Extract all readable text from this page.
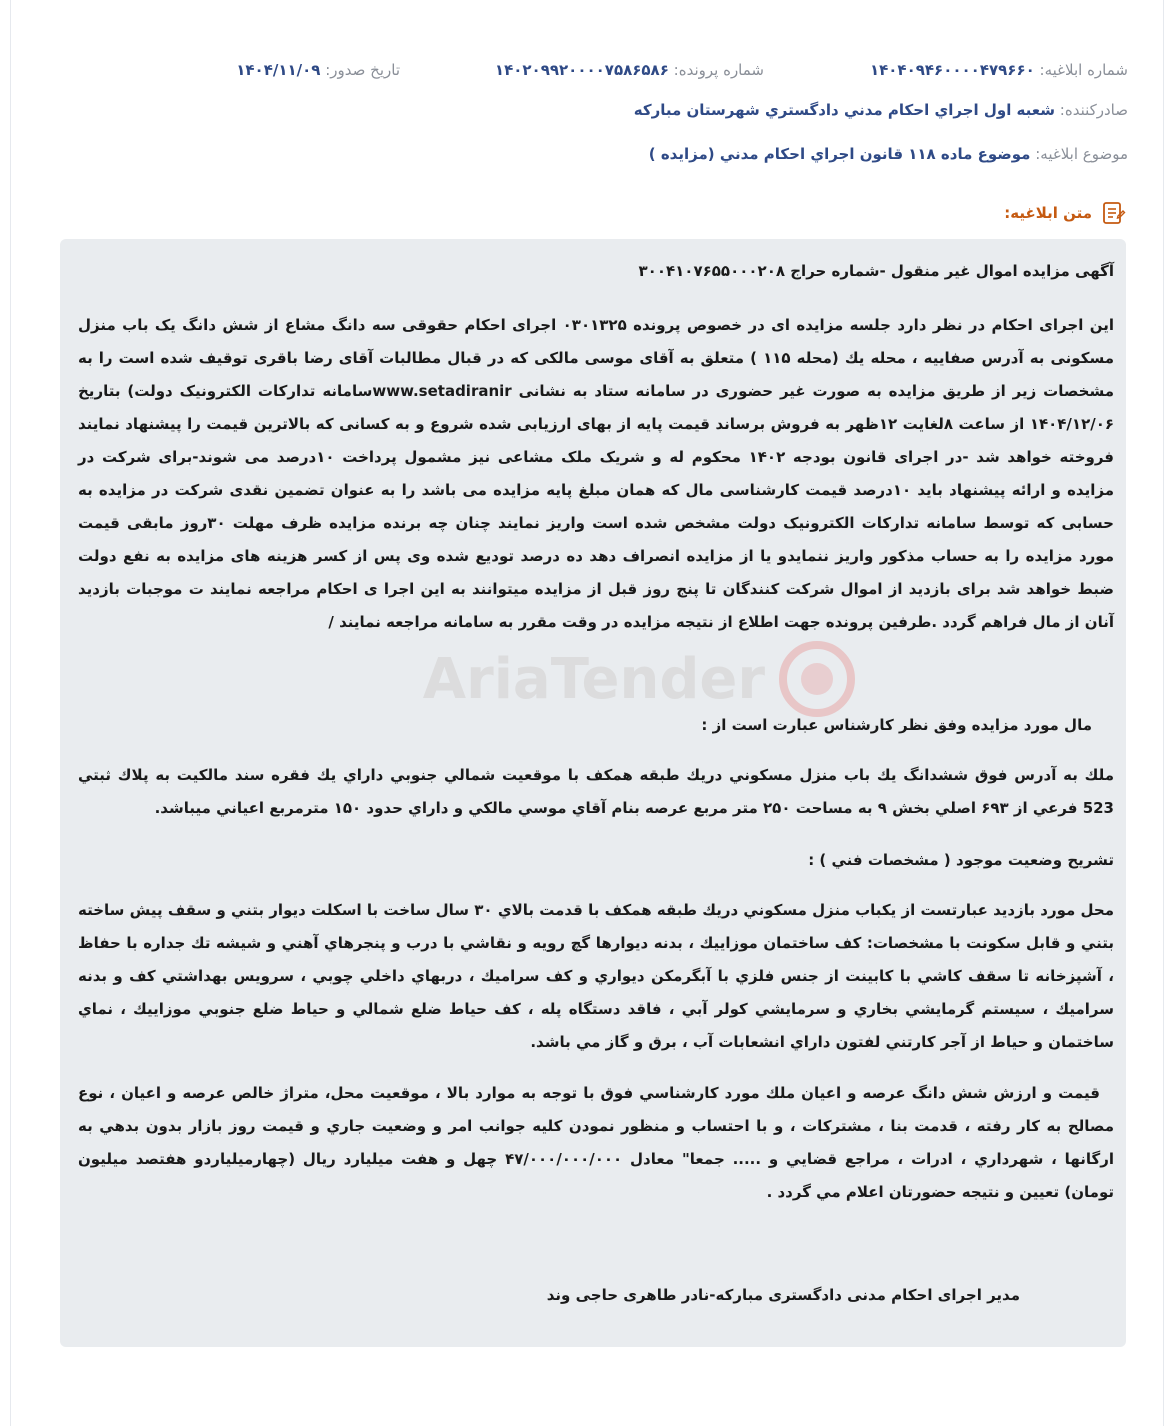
شماره ابلاغیه: ۱۴۰۴۰۹۴۶۰۰۰۰۴۷۹۶۶۰
شماره پرونده: ۱۴۰۲۰۹۹۲۰۰۰۰۷۵۸۶۵۸۶
تاریخ صدور: ۱۴۰۴/۱۱/۰۹
صادرکننده: شعبه اول اجراي احكام مدني دادگستري شهرستان مباركه
موضوع ابلاغیه: موضوع ماده ۱۱۸ قانون اجراي احكام مدني (مزايده )
متن ابلاغیه:
AriaTender

آگهی مزایده اموال غیر منقول -شماره حراج ۳۰۰۴۱۰۷۶۵۵۰۰۰۲۰۸

این اجرای احکام در نظر دارد جلسه مزایده ای در خصوص پرونده ۰۳۰۱۳۲۵ اجرای احکام حقوقی سه دانگ مشاع از شش دانگ یک باب منزل مسکونی به آدرس صفاییه ، محله یك (محله ۱۱۵ ) متعلق به آقای موسی مالکی که در قبال مطالبات آقای رضا باقری توقیف شده است را به مشخصات زیر از طریق مزایده به صورت غیر حضوری در سامانه ستاد به نشانی www.setadiranirسامانه تدارکات الکترونیک دولت) بتاریخ ۱۴۰۴/۱۲/۰۶ از ساعت ۸لغایت ۱۲ظهر به فروش برساند قیمت پایه از بهای ارزیابی شده شروع و به کسانی که بالاترین قیمت را پیشنهاد نمایند فروخته خواهد شد -در اجرای قانون بودجه ۱۴۰۲ محکوم له و شریک ملک مشاعی نیز مشمول پرداخت ۱۰درصد می شوند-برای شرکت در مزایده و ارائه پیشنهاد باید ۱۰درصد قیمت کارشناسی مال که همان مبلغ پایه مزایده می باشد را به عنوان تضمین نقدی شرکت در مزایده به حسابی که توسط سامانه تدارکات الکترونیک دولت مشخص شده است واریز نمایند چنان چه برنده مزایده ظرف مهلت ۳۰روز مابقی قیمت مورد مزایده را به حساب مذکور واریز ننمایدو یا از مزایده انصراف دهد ده درصد تودیع شده وی پس از کسر هزینه های مزایده به نفع دولت ضبط خواهد شد برای بازدید از اموال شرکت کنندگان تا پنج روز قبل از مزایده میتوانند به این اجرا ی احکام مراجعه نمایند ت موجبات بازدید آنان از مال فراهم گردد .طرفین پرونده جهت اطلاع از نتیجه مزایده در وقت مقرر به سامانه مراجعه نمایند /

مال مورد مزایده وفق نظر کارشناس عبارت است از :

ملك به آدرس فوق ششدانگ يك باب منزل مسكوني دريك طبقه همكف با موقعيت شمالي جنوبي داراي يك فقره سند مالكيت به پلاك ثبتي 523 فرعي از ۶۹۳ اصلي بخش ۹ به مساحت ۲۵۰ متر مربع عرصه بنام آقاي موسي مالكي و داراي حدود ۱۵۰ مترمربع اعياني ميباشد.

تشريح وضعيت موجود ( مشخصات فني ) :

محل مورد بازديد عبارتست از يكباب منزل مسكوني دريك طبقه همكف با قدمت بالاي ۳۰ سال ساخت با اسكلت ديوار بتني و سقف پيش ساخته بتني و قابل سكونت با مشخصات: كف ساختمان موزاييك ، بدنه ديوارها گچ رويه و نقاشي با درب و پنجرهاي آهني و شيشه تك جداره با حفاظ ، آشپزخانه تا سقف كاشي با كابينت از جنس فلزي با آبگرمكن ديواري و كف سراميك ، دربهاي داخلي چوبي ، سرويس بهداشتي كف و بدنه سراميك ، سيستم گرمايشي بخاري و سرمايشي كولر آبي ، فاقد دستگاه پله ، كف حياط ضلع شمالي و حياط ضلع جنوبي موزاييك ، نماي ساختمان و حياط از آجر كارتني لفتون داراي انشعابات آب ، برق و گاز مي باشد.

قيمت و ارزش شش دانگ عرصه و اعيان ملك مورد كارشناسي فوق با توجه به موارد بالا ، موقعيت محل، متراژ خالص عرصه و اعيان ، نوع مصالح به كار رفته ، قدمت بنا ، مشتركات ، و با احتساب و منظور نمودن كليه جوانب امر و وضعيت جاري و قيمت روز بازار بدون بدهي به ارگانها ، شهرداري ، ادرات ، مراجع قضايي و ..... جمعا" معادل ۴۷/۰۰۰/۰۰۰/۰۰۰ چهل و هفت ميليارد ريال (چهارميلياردو هفتصد ميليون تومان) تعيين و نتيجه حضورتان اعلام مي گردد .

مدیر اجرای احکام مدنی دادگستری مبارکه-نادر طاهری حاجی وند
